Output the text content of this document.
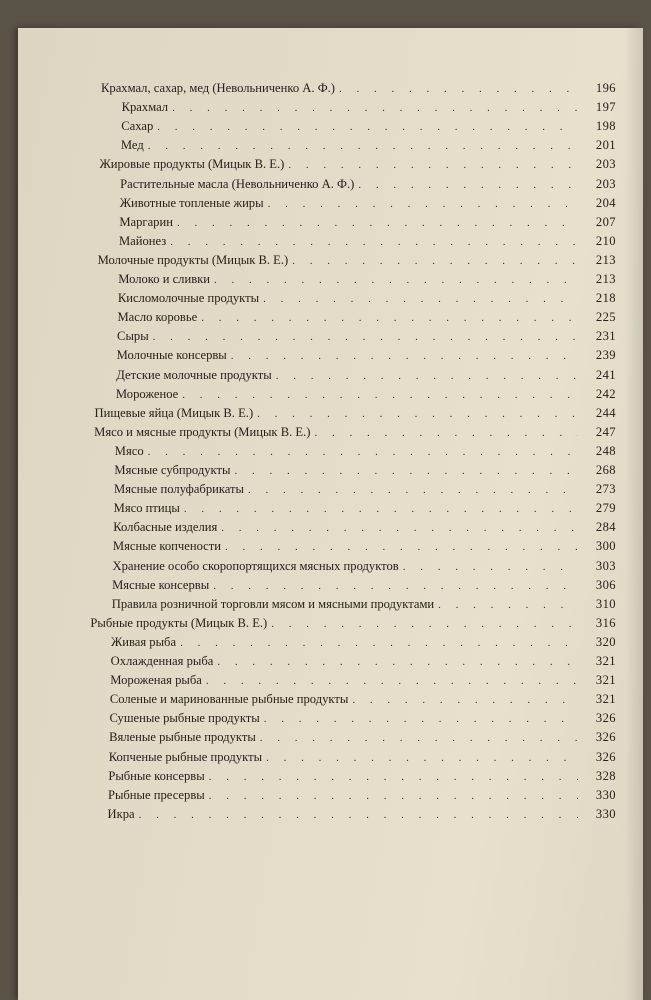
Крахмал, сахар, мед (Невольниченко А. Ф.) . . .	196
Крахмал . . .	197
Сахар . . .	198
Мед . . .	201
Жировые продукты (Мицык В. Е.) . . .	203
Растительные масла (Невольниченко А. Ф.) . . .	203
Животные топленые жиры . . .	204
Маргарин . . .	207
Майонез . . .	210
Молочные продукты (Мицык В. Е.) . . .	213
Молоко и сливки . . .	213
Кисломолочные продукты . . .	218
Масло коровье . . .	225
Сыры . . .	231
Молочные консервы . . .	239
Детские молочные продукты . . .	241
Мороженое . . .	242
Пищевые яйца (Мицык В. Е.) . . .	244
Мясо и мясные продукты (Мицык В. Е.) . . .	247
Мясо . . .	248
Мясные субпродукты . . .	268
Мясные полуфабрикаты . . .	273
Мясо птицы . . .	279
Колбасные изделия . . .	284
Мясные копчености . . .	300
Хранение особо скоропортящихся мясных продуктов . . .	303
Мясные консервы . . .	306
Правила розничной торговли мясом и мясными продуктами . . .	310
Рыбные продукты (Мицык В. Е.) . . .	316
Живая рыба . . .	320
Охлажденная рыба . . .	321
Мороженая рыба . . .	321
Соленые и маринованные рыбные продукты . . .	321
Сушеные рыбные продукты . . .	326
Вяленые рыбные продукты . . .	326
Копченые рыбные продукты . . .	326
Рыбные консервы . . .	328
Рыбные пресервы . . .	330
Икра . . .	330
